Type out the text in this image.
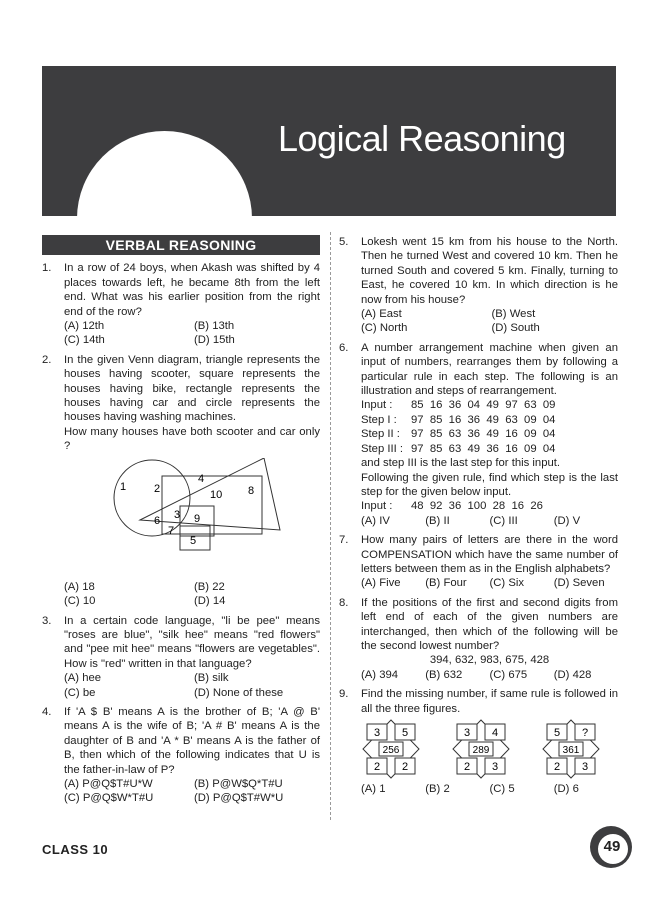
Logical Reasoning
VERBAL REASONING
1. In a row of 24 boys, when Akash was shifted by 4 places towards left, he became 8th from the left end. What was his earlier position from the right end of the row?
(A) 12th	(B) 13th
(C) 14th	(D) 15th
2. In the given Venn diagram, triangle represents the houses having scooter, square represents the houses having bike, rectangle represents the houses having car and circle represents the houses having washing machines.
How many houses have both scooter and car only ?
1	2
4
10 8
3
6	9
7
5
(A) 18	(B) 22
(C) 10	(D) 14
3. In a certain code language, "li be pee" means "roses are blue", "silk hee" means "red flowers" and "pee mit hee" means "flowers are vegetables". How is "red" written in that language?
(A) hee	(B) silk
(C) be	(D) None of these
4. If 'A $ B' means A is the brother of B; 'A @ B' means A is the wife of B; 'A # B' means A is the daughter of B and 'A * B' means A is the father of B, then which of the following indicates that U is the father-in-law of P?
(A) P@Q$T#U*W	(B) P@W$Q*T#U
(C) P@Q$W*T#U	(D) P@Q$T#W*U
5. Lokesh went 15 km from his house to the North. Then he turned West and covered 10 km. Then he turned South and covered 5 km. Finally, turning to East, he covered 10 km. In which direction is he now from his house?
(A) East	(B) West
(C) North	(D) South
6. A number arrangement machine when given an input of numbers, rearranges them by following a particular rule in each step. The following is an illustration and steps of rearrangement.
Input :	85  16  36  04  49  97  63  09
Step I :	97  85  16  36  49  63  09  04
Step II : 97  85  63  36  49  16  09  04
Step III : 97  85  63  49  36  16  09  04
and step III is the last step for this input.
Following the given rule, find which step is the last step for the given below input.
Input :	48  92  36  100  28  16  26
(A) IV	(B) II	(C) III	(D) V
7. How many pairs of letters are there in the word COMPENSATION which have the same number of letters between them as in the English alphabets?
(A) Five	(B) Four	(C) Six	(D) Seven
8. If the positions of the first and second digits from left end of each of the given numbers are interchanged, then which of the following will be the second lowest number?
394, 632, 983, 675, 428
(A) 394	(B) 632	(C) 675	(D) 428
9. Find the missing number, if same rule is followed in all the three figures.
3 5
256
2 2
3 4
289
2 3
5 ?
361
2 3
(A) 1	(B) 2	(C) 5	(D) 6
CLASS 10	49
